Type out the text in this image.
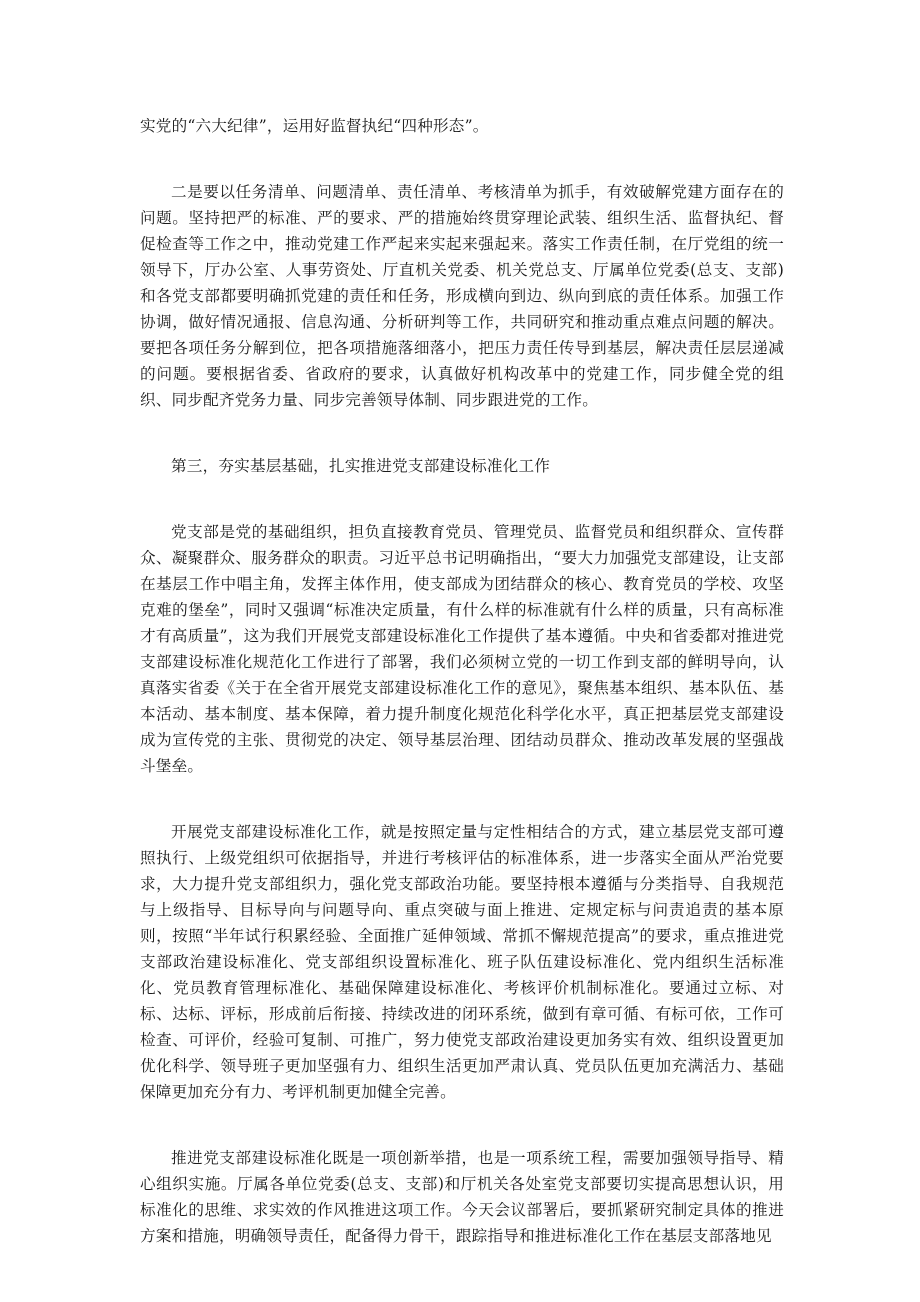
实党的“六大纪律”，运用好监督执纪“四种形态”。

二是要以任务清单、问题清单、责任清单、考核清单为抓手，有效破解党建方面存在的问题。坚持把严的标准、严的要求、严的措施始终贯穿理论武装、组织生活、监督执纪、督促检查等工作之中，推动党建工作严起来实起来强起来。落实工作责任制，在厅党组的统一领导下，厅办公室、人事劳资处、厅直机关党委、机关党总支、厅属单位党委(总支、支部)和各党支部都要明确抓党建的责任和任务，形成横向到边、纵向到底的责任体系。加强工作协调，做好情况通报、信息沟通、分析研判等工作，共同研究和推动重点难点问题的解决。要把各项任务分解到位，把各项措施落细落小，把压力责任传导到基层，解决责任层层递减的问题。要根据省委、省政府的要求，认真做好机构改革中的党建工作，同步健全党的组织、同步配齐党务力量、同步完善领导体制、同步跟进党的工作。

第三，夯实基层基础，扎实推进党支部建设标准化工作

党支部是党的基础组织，担负直接教育党员、管理党员、监督党员和组织群众、宣传群众、凝聚群众、服务群众的职责。习近平总书记明确指出，“要大力加强党支部建设，让支部在基层工作中唱主角，发挥主体作用，使支部成为团结群众的核心、教育党员的学校、攻坚克难的堡垒”，同时又强调“标准决定质量，有什么样的标准就有什么样的质量，只有高标准才有高质量”，这为我们开展党支部建设标准化工作提供了基本遵循。中央和省委都对推进党支部建设标准化规范化工作进行了部署，我们必须树立党的一切工作到支部的鲜明导向，认真落实省委《关于在全省开展党支部建设标准化工作的意见》，聚焦基本组织、基本队伍、基本活动、基本制度、基本保障，着力提升制度化规范化科学化水平，真正把基层党支部建设成为宣传党的主张、贯彻党的决定、领导基层治理、团结动员群众、推动改革发展的坚强战斗堡垒。

开展党支部建设标准化工作，就是按照定量与定性相结合的方式，建立基层党支部可遵照执行、上级党组织可依据指导，并进行考核评估的标准体系，进一步落实全面从严治党要求，大力提升党支部组织力，强化党支部政治功能。要坚持根本遵循与分类指导、自我规范与上级指导、目标导向与问题导向、重点突破与面上推进、定规定标与问责追责的基本原则，按照“半年试行积累经验、全面推广延伸领域、常抓不懈规范提高”的要求，重点推进党支部政治建设标准化、党支部组织设置标准化、班子队伍建设标准化、党内组织生活标准化、党员教育管理标准化、基础保障建设标准化、考核评价机制标准化。要通过立标、对标、达标、评标，形成前后衔接、持续改进的闭环系统，做到有章可循、有标可依，工作可检查、可评价，经验可复制、可推广，努力使党支部政治建设更加务实有效、组织设置更加优化科学、领导班子更加坚强有力、组织生活更加严肃认真、党员队伍更加充满活力、基础保障更加充分有力、考评机制更加健全完善。

推进党支部建设标准化既是一项创新举措，也是一项系统工程，需要加强领导指导、精心组织实施。厅属各单位党委(总支、支部)和厅机关各处室党支部要切实提高思想认识，用标准化的思维、求实效的作风推进这项工作。今天会议部署后，要抓紧研究制定具体的推进方案和措施，明确领导责任，配备得力骨干，跟踪指导和推进标准化工作在基层支部落地见
